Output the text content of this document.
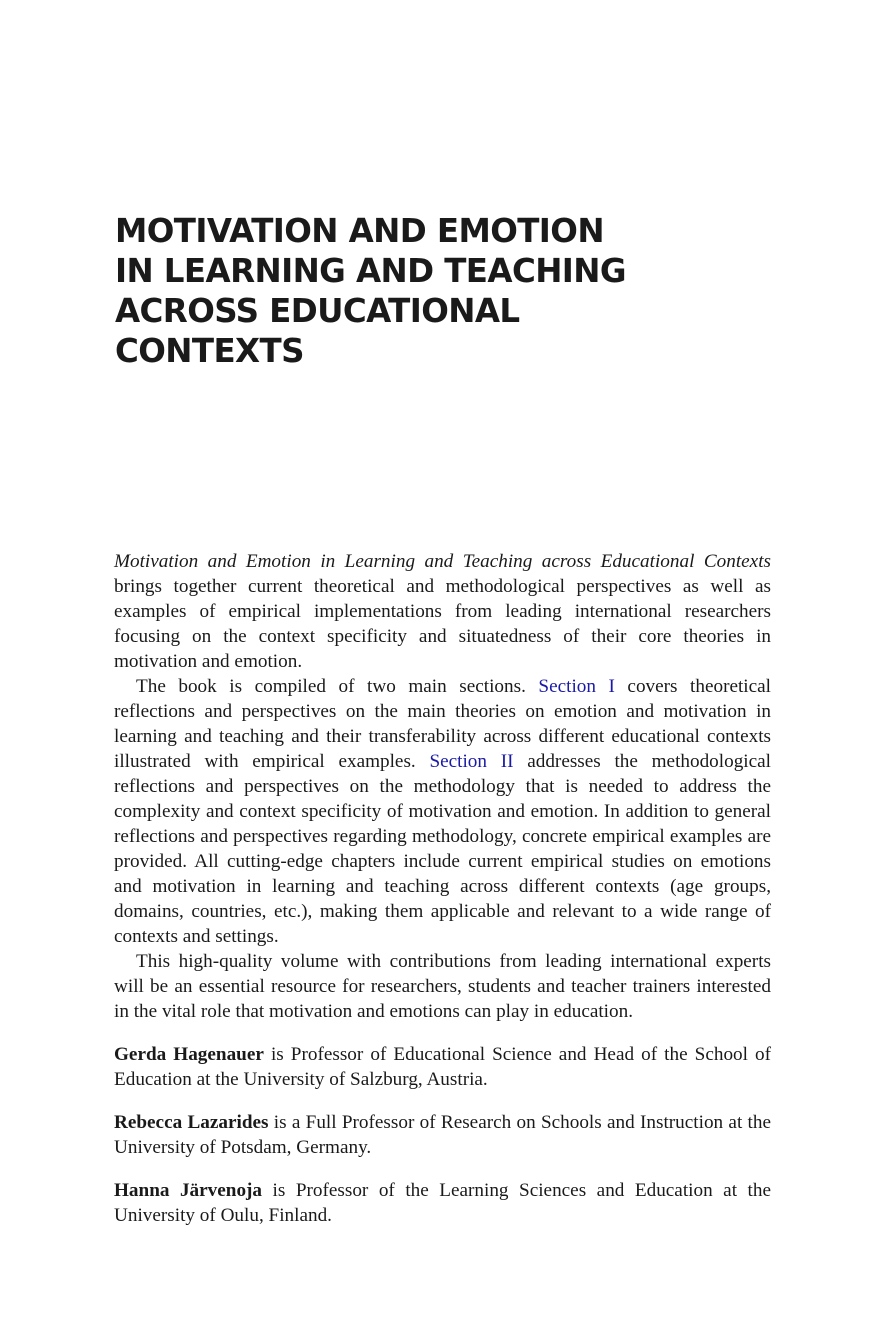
MOTIVATION AND EMOTION
IN LEARNING AND TEACHING
ACROSS EDUCATIONAL
CONTEXTS

Motivation and Emotion in Learning and Teaching across Educational Contexts brings together current theoretical and methodological perspectives as well as examples of empirical implementations from leading international researchers focusing on the context specificity and situatedness of their core theories in motivation and emotion.

The book is compiled of two main sections. Section I covers theoretical reflections and perspectives on the main theories on emotion and motivation in learning and teaching and their transferability across different educational contexts illustrated with empirical examples. Section II addresses the methodological reflections and perspectives on the methodology that is needed to address the complexity and context specificity of motivation and emotion. In addition to general reflections and perspectives regarding methodology, concrete empirical examples are provided. All cutting-edge chapters include current empirical studies on emotions and motivation in learning and teaching across different contexts (age groups, domains, countries, etc.), making them applicable and relevant to a wide range of contexts and settings.

This high-quality volume with contributions from leading international experts will be an essential resource for researchers, students and teacher trainers interested in the vital role that motivation and emotions can play in education.

Gerda Hagenauer is Professor of Educational Science and Head of the School of Education at the University of Salzburg, Austria.

Rebecca Lazarides is a Full Professor of Research on Schools and Instruction at the University of Potsdam, Germany.

Hanna Järvenoja is Professor of the Learning Sciences and Education at the University of Oulu, Finland.
